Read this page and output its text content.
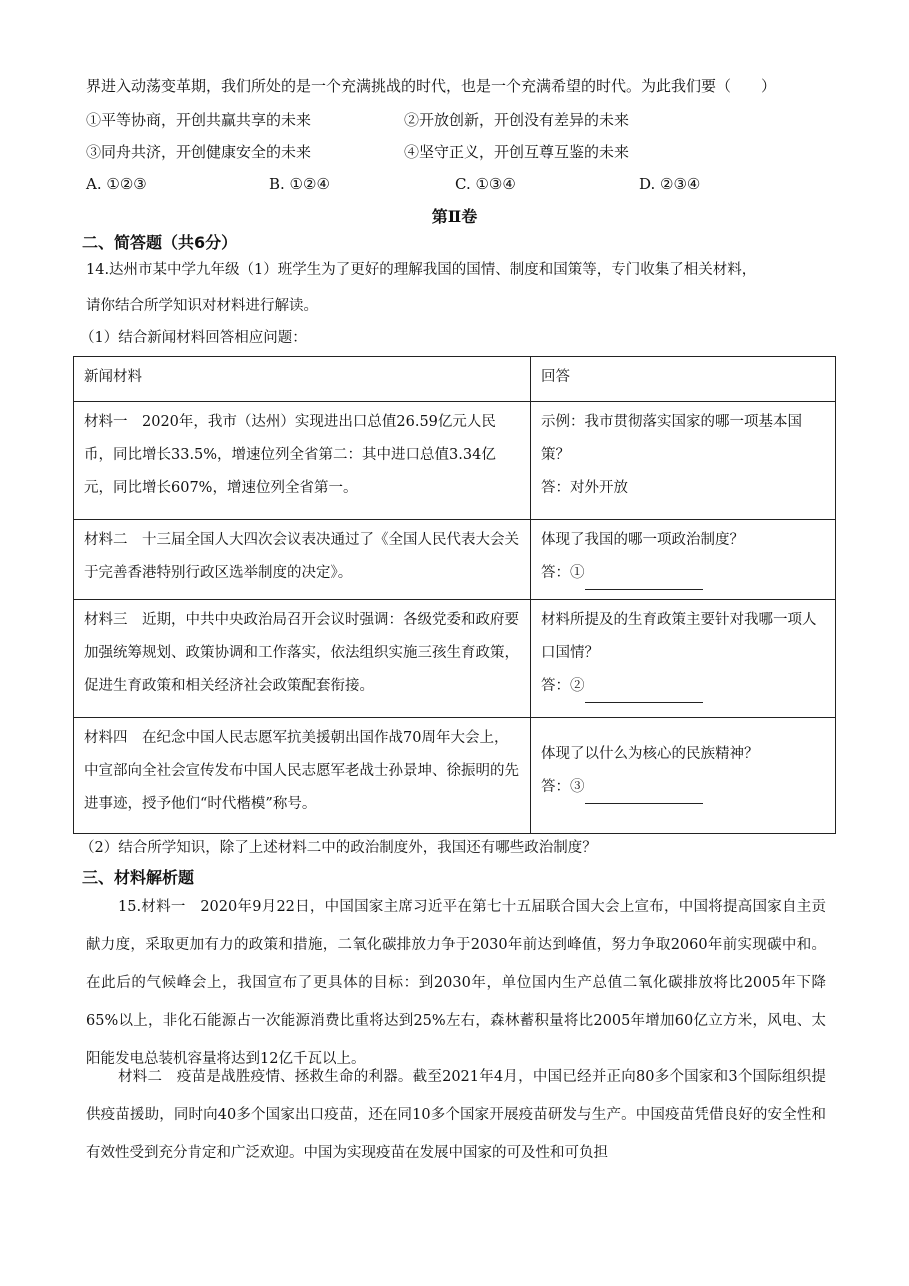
界进入动荡变革期，我们所处的是一个充满挑战的时代，也是一个充满希望的时代。为此我们要（　　）
①平等协商，开创共赢共享的未来	②开放创新，开创没有差异的未来
③同舟共济，开创健康安全的未来	④坚守正义，开创互尊互鉴的未来
A. ①②③	B. ①②④	C. ①③④	D. ②③④
第Ⅱ卷
二、简答题（共6分）
14.达州市某中学九年级（1）班学生为了更好的理解我国的国情、制度和国策等，专门收集了相关材料，
请你结合所学知识对材料进行解读。
（1）结合新闻材料回答相应问题：
新闻材料	回答
材料一　2020年，我市（达州）实现进出口总值26.59亿元人民币，同比增长33.5%，增速位列全省第二：其中进口总值3.34亿元，同比增长607%，增速位列全省第一。	示例：我市贯彻落实国家的哪一项基本国策？
答：对外开放

材料二　十三届全国人大四次会议表决通过了《全国人民代表大会关于完善香港特别行政区选举制度的决定》。	体现了我国的哪一项政治制度？
答：①

材料三　近期，中共中央政治局召开会议时强调：各级党委和政府要加强统筹规划、政策协调和工作落实，依法组织实施三孩生育政策，促进生育政策和相关经济社会政策配套衔接。	材料所提及的生育政策主要针对我哪一项人口国情？
答：②

材料四　在纪念中国人民志愿军抗美援朝出国作战70周年大会上，中宣部向全社会宣传发布中国人民志愿军老战士孙景坤、徐振明的先进事迹，授予他们“时代楷模”称号。	体现了以什么为核心的民族精神？
答：③
（2）结合所学知识，除了上述材料二中的政治制度外，我国还有哪些政治制度？
三、材料解析题
15.材料一　2020年9月22日，中国国家主席习近平在第七十五届联合国大会上宣布，中国将提高国家自主贡献力度，采取更加有力的政策和措施，二氧化碳排放力争于2030年前达到峰值，努力争取2060年前实现碳中和。在此后的气候峰会上，我国宣布了更具体的目标：到2030年，单位国内生产总值二氧化碳排放将比2005年下降65%以上，非化石能源占一次能源消费比重将达到25%左右，森林蓄积量将比2005年增加60亿立方米，风电、太阳能发电总装机容量将达到12亿千瓦以上。
材料二　疫苗是战胜疫情、拯救生命的利器。截至2021年4月，中国已经并正向80多个国家和3个国际组织提供疫苗援助，同时向40多个国家出口疫苗，还在同10多个国家开展疫苗研发与生产。中国疫苗凭借良好的安全性和有效性受到充分肯定和广泛欢迎。中国为实现疫苗在发展中国家的可及性和可负担
